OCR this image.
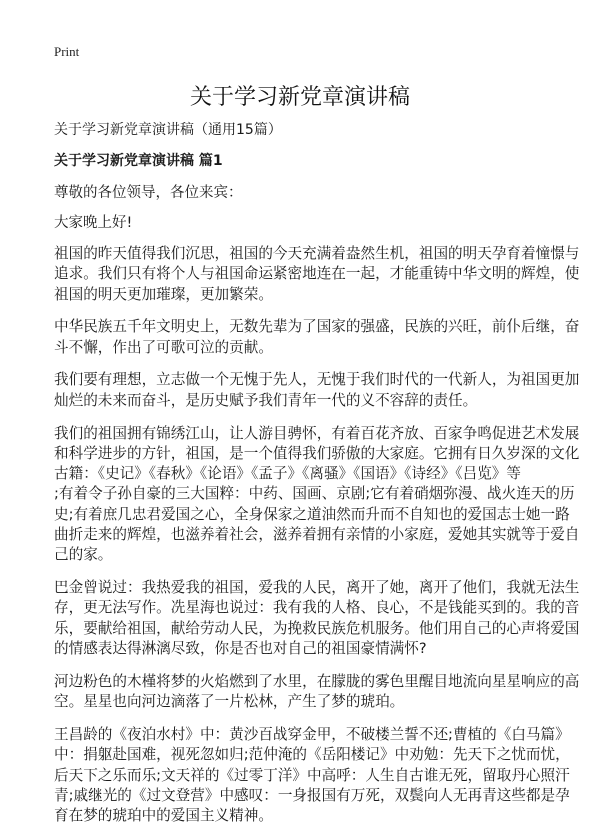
Print
关于学习新党章演讲稿
关于学习新党章演讲稿（通用15篇）
关于学习新党章演讲稿 篇1
尊敬的各位领导，各位来宾：
大家晚上好!
祖国的昨天值得我们沉思，祖国的今天充满着盎然生机，祖国的明天孕育着憧憬与
追求。我们只有将个人与祖国命运紧密地连在一起，才能重铸中华文明的辉煌，使
祖国的明天更加璀璨，更加繁荣。
中华民族五千年文明史上，无数先辈为了国家的强盛，民族的兴旺，前仆后继，奋
斗不懈，作出了可歌可泣的贡献。
我们要有理想，立志做一个无愧于先人，无愧于我们时代的一代新人，为祖国更加
灿烂的未来而奋斗，是历史赋予我们青年一代的义不容辞的责任。
我们的祖国拥有锦绣江山，让人游目骋怀，有着百花齐放、百家争鸣促进艺术发展
和科学进步的方针，祖国，是一个值得我们骄傲的大家庭。它拥有日久岁深的文化
古籍：《史记》《春秋》《论语》《孟子》《离骚》《国语》《诗经》《吕览》等
;有着令子孙自豪的三大国粹：中药、国画、京剧;它有着硝烟弥漫、战火连天的历
史;有着庶几忠君爱国之心，全身保家之道油然而升而不自知也的爱国志士她一路
曲折走来的辉煌，也滋养着社会，滋养着拥有亲情的小家庭，爱她其实就等于爱自
己的家。
巴金曾说过：我热爱我的祖国，爱我的人民，离开了她，离开了他们，我就无法生
存，更无法写作。冼星海也说过：我有我的人格、良心，不是钱能买到的。我的音
乐，要献给祖国，献给劳动人民，为挽救民族危机服务。他们用自己的心声将爱国
的情感表达得淋漓尽致，你是否也对自己的祖国豪情满怀?
河边粉色的木槿将梦的火焰燃到了水里，在朦胧的雾色里醒目地流向星星响应的高
空。星星也向河边滴落了一片松林，产生了梦的琥珀。
王昌龄的《夜泊水村》中：黄沙百战穿金甲，不破楼兰誓不还;曹植的《白马篇》
中：捐躯赴国难，视死忽如归;范仲淹的《岳阳楼记》中劝勉：先天下之忧而忧，
后天下之乐而乐;文天祥的《过零丁洋》中高呼：人生自古谁无死，留取丹心照汗
青;戚继光的《过文登营》中感叹：一身报国有万死，双鬓向人无再青这些都是孕
育在梦的琥珀中的爱国主义精神。
